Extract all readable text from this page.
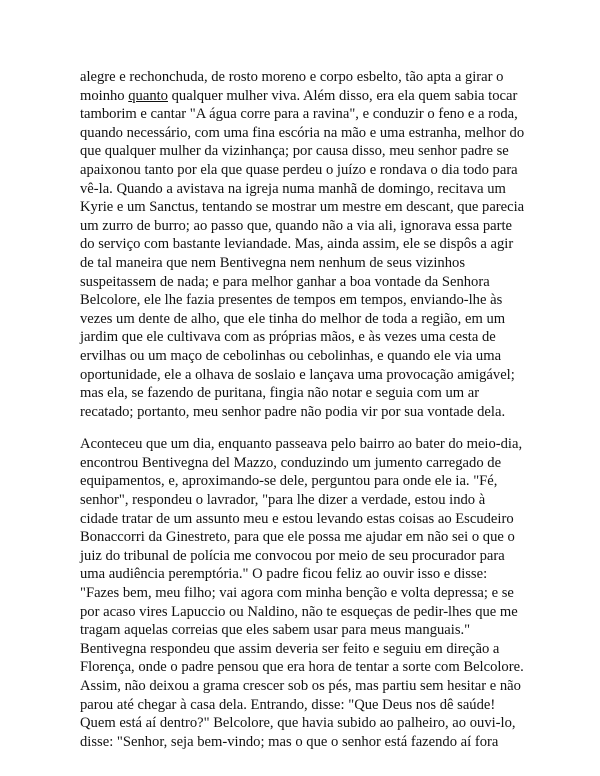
alegre e rechonchuda, de rosto moreno e corpo esbelto, tão apta a girar o
moinho quanto qualquer mulher viva. Além disso, era ela quem sabia tocar
tamborim e cantar "A água corre para a ravina", e conduzir o feno e a roda,
quando necessário, com uma fina escória na mão e uma estranha, melhor do
que qualquer mulher da vizinhança; por causa disso, meu senhor padre se
apaixonou tanto por ela que quase perdeu o juízo e rondava o dia todo para
vê-la. Quando a avistava na igreja numa manhã de domingo, recitava um
Kyrie e um Sanctus, tentando se mostrar um mestre em descant, que parecia
um zurro de burro; ao passo que, quando não a via ali, ignorava essa parte
do serviço com bastante leviandade. Mas, ainda assim, ele se dispôs a agir
de tal maneira que nem Bentivegna nem nenhum de seus vizinhos
suspeitassem de nada; e para melhor ganhar a boa vontade da Senhora
Belcolore, ele lhe fazia presentes de tempos em tempos, enviando-lhe às
vezes um dente de alho, que ele tinha do melhor de toda a região, em um
jardim que ele cultivava com as próprias mãos, e às vezes uma cesta de
ervilhas ou um maço de cebolinhas ou cebolinhas, e quando ele via uma
oportunidade, ele a olhava de soslaio e lançava uma provocação amigável;
mas ela, se fazendo de puritana, fingia não notar e seguia com um ar
recatado; portanto, meu senhor padre não podia vir por sua vontade dela.

Aconteceu que um dia, enquanto passeava pelo bairro ao bater do meio-dia,
encontrou Bentivegna del Mazzo, conduzindo um jumento carregado de
equipamentos, e, aproximando-se dele, perguntou para onde ele ia. "Fé,
senhor", respondeu o lavrador, "para lhe dizer a verdade, estou indo à
cidade tratar de um assunto meu e estou levando estas coisas ao Escudeiro
Bonaccorri da Ginestreto, para que ele possa me ajudar em não sei o que o
juiz do tribunal de polícia me convocou por meio de seu procurador para
uma audiência peremptória." O padre ficou feliz ao ouvir isso e disse:
"Fazes bem, meu filho; vai agora com minha benção e volta depressa; e se
por acaso vires Lapuccio ou Naldino, não te esqueças de pedir-lhes que me
tragam aquelas correias que eles sabem usar para meus manguais."
Bentivegna respondeu que assim deveria ser feito e seguiu em direção a
Florença, onde o padre pensou que era hora de tentar a sorte com Belcolore.
Assim, não deixou a grama crescer sob os pés, mas partiu sem hesitar e não
parou até chegar à casa dela. Entrando, disse: "Que Deus nos dê saúde!
Quem está aí dentro?" Belcolore, que havia subido ao palheiro, ao ouvi-lo,
disse: "Senhor, seja bem-vindo; mas o que o senhor está fazendo aí fora
